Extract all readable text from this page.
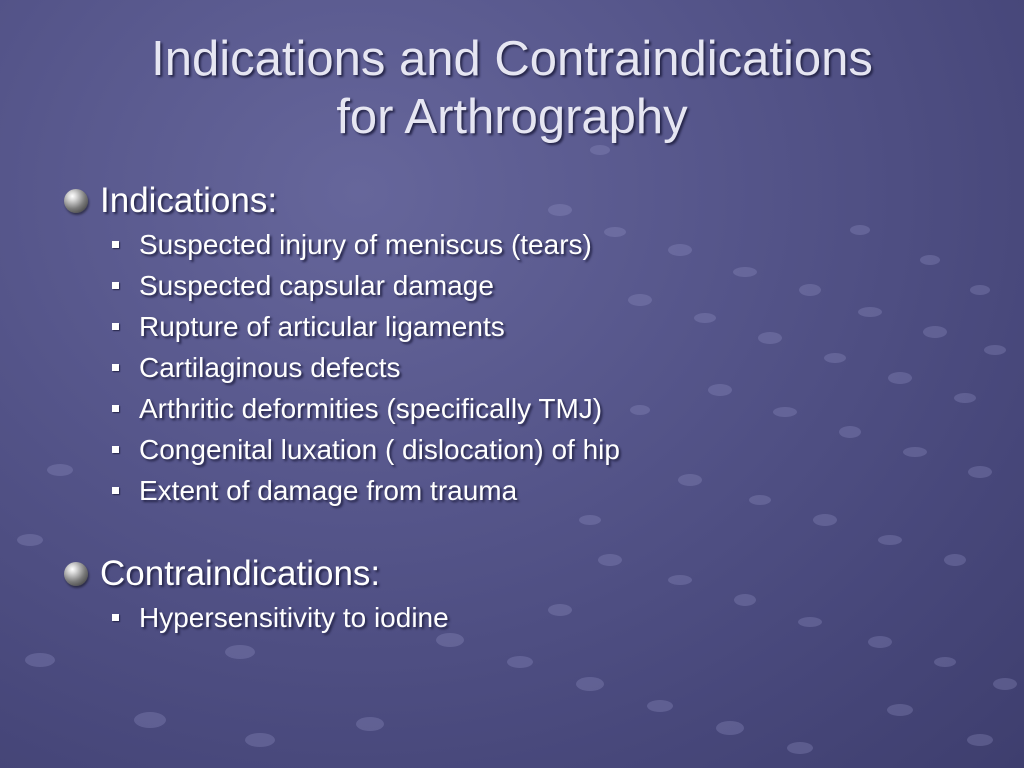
Indications and Contraindications
for Arthrography
Indications:
Suspected injury of meniscus (tears)
Suspected capsular damage
Rupture of articular ligaments
Cartilaginous defects
Arthritic deformities (specifically TMJ)
Congenital luxation ( dislocation) of hip
Extent of damage from trauma
Contraindications:
Hypersensitivity to iodine
